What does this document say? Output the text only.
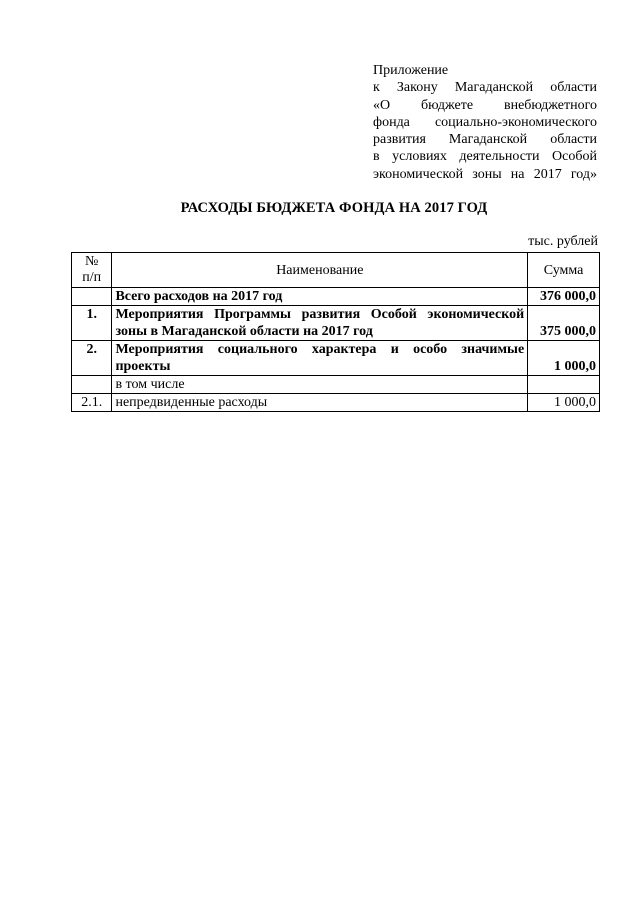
Приложение
к Закону Магаданской области
«О бюджете внебюджетного
фонда социально-экономического
развития Магаданской области
в условиях деятельности Особой
экономической зоны на 2017 год»
РАСХОДЫ БЮДЖЕТА ФОНДА НА 2017 ГОД
тыс. рублей
№
п/п	Наименование	Сумма
	Всего расходов на 2017 год	376 000,0
1.	Мероприятия Программы развития Особой экономической зоны в Магаданской области на 2017 год	375 000,0
2.	Мероприятия социального характера и особо значимые проекты	1 000,0
	в том числе	
2.1.	непредвиденные расходы	1 000,0
